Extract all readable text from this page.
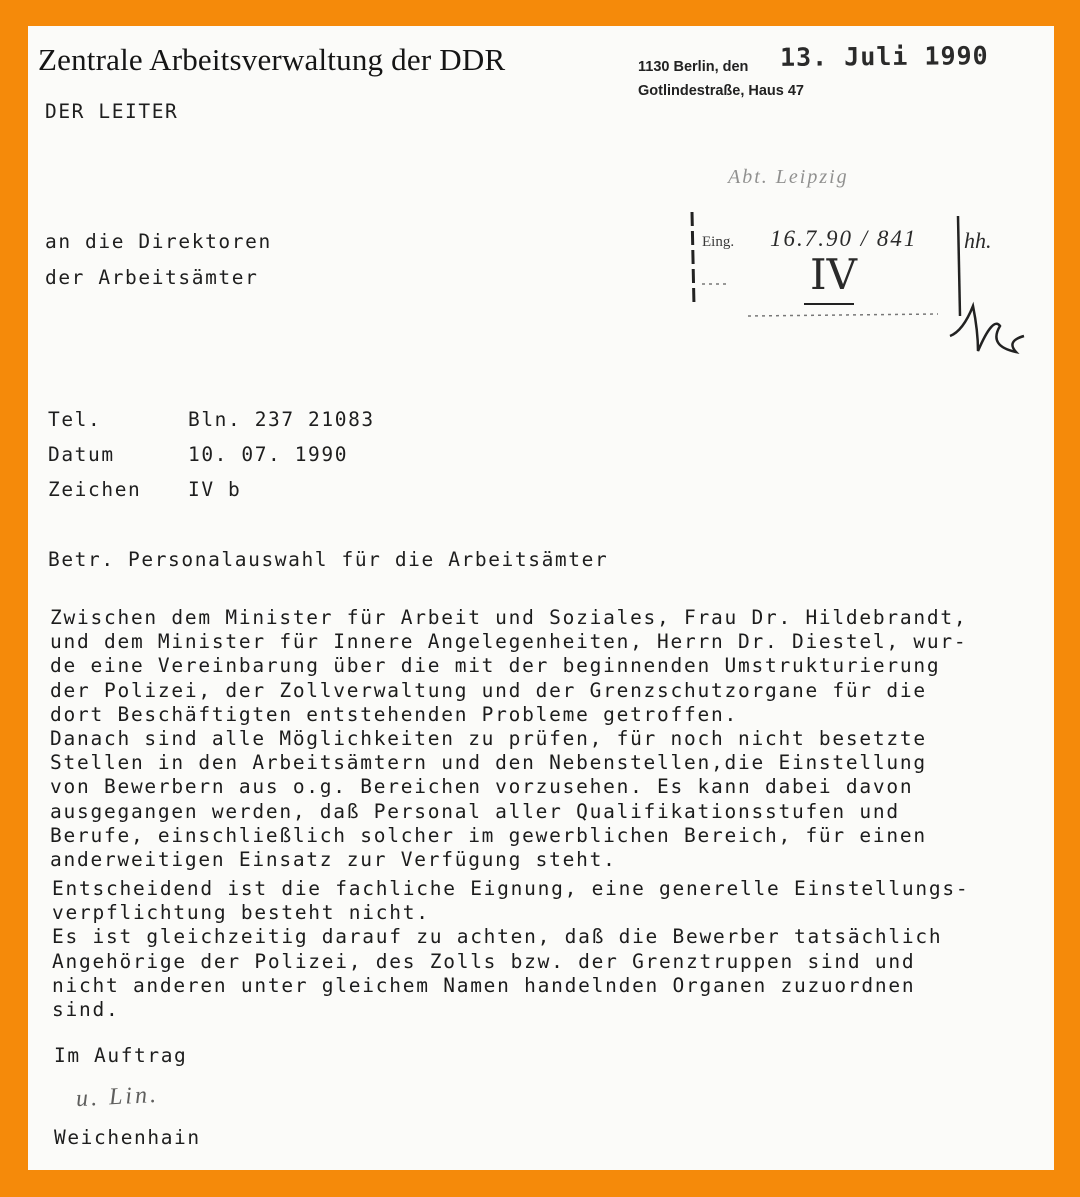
Zentrale Arbeitsverwaltung der DDR
DER LEITER
1130 Berlin, den 13. Juli 1990
Gotlindestraße, Haus 47
Abt. Leipzig
Eing. 16.7.90 / 841 hh.
IV
an die Direktoren
der Arbeitsämter
Tel.	Bln. 237 21083
Datum	10. 07. 1990
Zeichen IV b
Betr. Personalauswahl für die Arbeitsämter
Zwischen dem Minister für Arbeit und Soziales, Frau Dr. Hildebrandt,
und dem Minister für Innere Angelegenheiten, Herrn Dr. Diestel, wur-
de eine Vereinbarung über die mit der beginnenden Umstrukturierung
der Polizei, der Zollverwaltung und der Grenzschutzorgane für die
dort Beschäftigten entstehenden Probleme getroffen.
Danach sind alle Möglichkeiten zu prüfen, für noch nicht besetzte
Stellen in den Arbeitsämtern und den Nebenstellen,die Einstellung
von Bewerbern aus o.g. Bereichen vorzusehen. Es kann dabei davon
ausgegangen werden, daß Personal aller Qualifikationsstufen und
Berufe, einschließlich solcher im gewerblichen Bereich, für einen
anderweitigen Einsatz zur Verfügung steht.
Entscheidend ist die fachliche Eignung, eine generelle Einstellungs-
verpflichtung besteht nicht.
Es ist gleichzeitig darauf zu achten, daß die Bewerber tatsächlich
Angehörige der Polizei, des Zolls bzw. der Grenztruppen sind und
nicht anderen unter gleichem Namen handelnden Organen zuzuordnen
sind.
Im Auftrag
u. Lin.
Weichenhain
